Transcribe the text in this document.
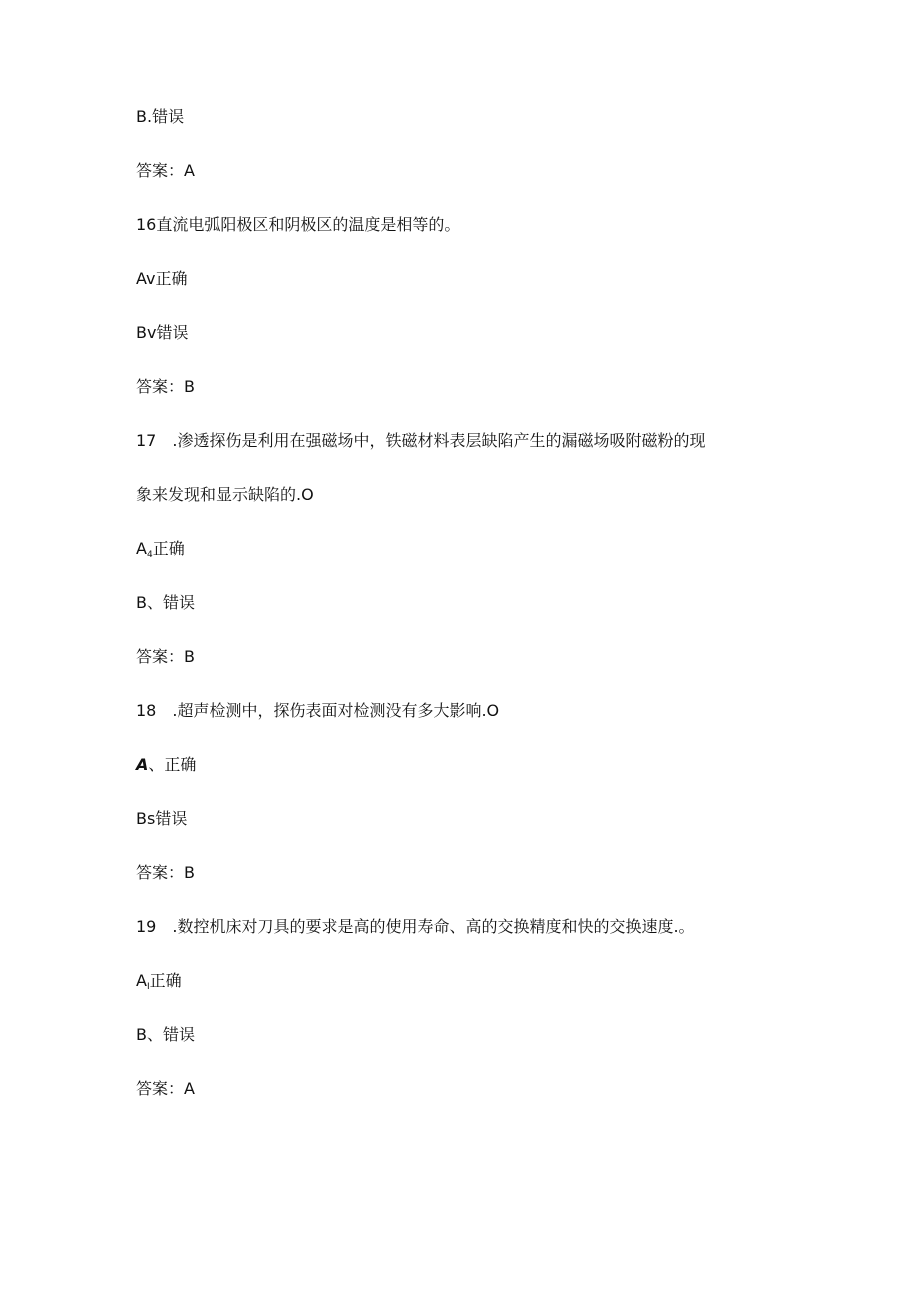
B.错误
答案：A
16直流电弧阳极区和阴极区的温度是相等的。
Av正确
Bv错误
答案：B
17　.渗透探伤是利用在强磁场中，铁磁材料表层缺陷产生的漏磁场吸附磁粉的现
象来发现和显示缺陷的.O
$A_4$正确
B、错误
答案：B
18　.超声检测中，探伤表面对检测没有多大影响.O
A、正确
Bs错误
答案：B
19　.数控机床对刀具的要求是高的使用寿命、高的交换精度和快的交换速度.。
$A_I$正确
B、错误
答案：A
